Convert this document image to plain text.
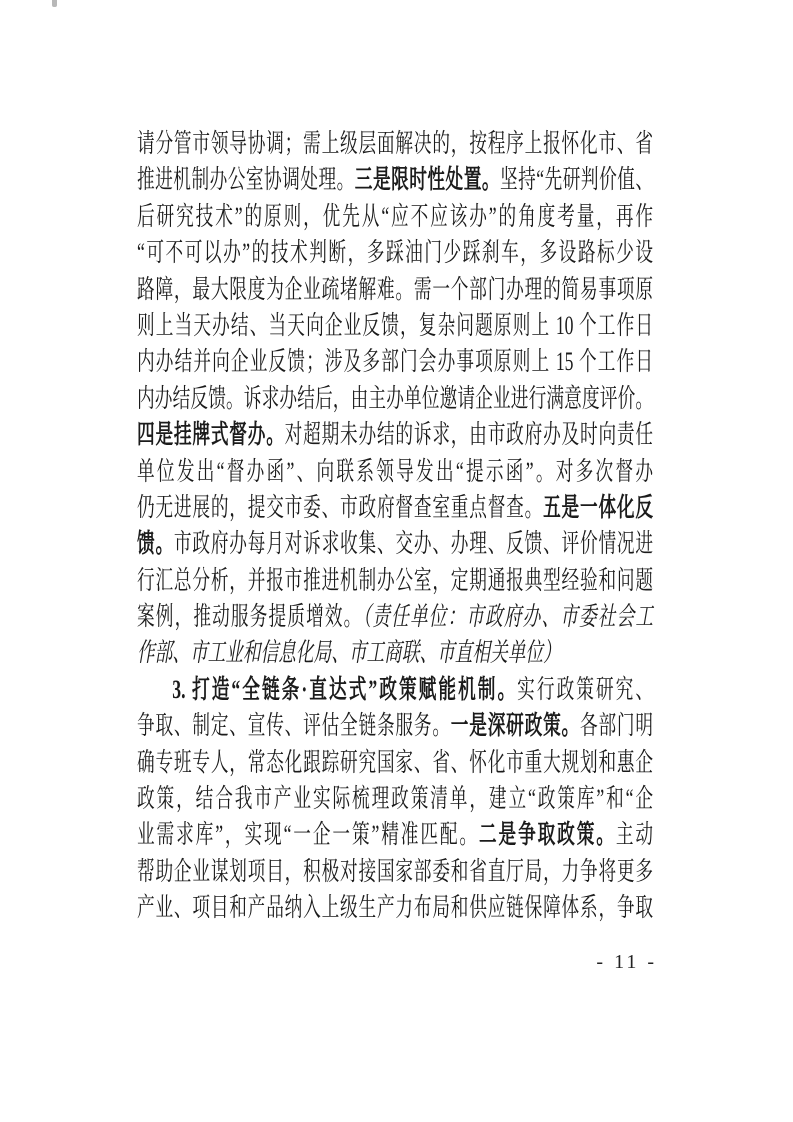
请分管市领导协调；需上级层面解决的，按程序上报怀化市、省
推进机制办公室协调处理。三是限时性处置。坚持“先研判价值、
后研究技术”的原则，优先从“应不应该办”的角度考量，再作
“可不可以办”的技术判断，多踩油门少踩刹车，多设路标少设
路障，最大限度为企业疏堵解难。需一个部门办理的简易事项原
则上当天办结、当天向企业反馈，复杂问题原则上 10 个工作日
内办结并向企业反馈；涉及多部门会办事项原则上 15 个工作日
内办结反馈。诉求办结后，由主办单位邀请企业进行满意度评价。
四是挂牌式督办。对超期未办结的诉求，由市政府办及时向责任
单位发出“督办函”、向联系领导发出“提示函”。对多次督办
仍无进展的，提交市委、市政府督查室重点督查。五是一体化反
馈。市政府办每月对诉求收集、交办、办理、反馈、评价情况进
行汇总分析，并报市推进机制办公室，定期通报典型经验和问题
案例，推动服务提质增效。（责任单位：市政府办、市委社会工
作部、市工业和信息化局、市工商联、市直相关单位）
3. 打造“全链条·直达式”政策赋能机制。实行政策研究、
争取、制定、宣传、评估全链条服务。一是深研政策。各部门明
确专班专人，常态化跟踪研究国家、省、怀化市重大规划和惠企
政策，结合我市产业实际梳理政策清单，建立“政策库”和“企
业需求库”，实现“一企一策”精准匹配。二是争取政策。主动
帮助企业谋划项目，积极对接国家部委和省直厅局，力争将更多
产业、项目和产品纳入上级生产力布局和供应链保障体系，争取
- 11 -
